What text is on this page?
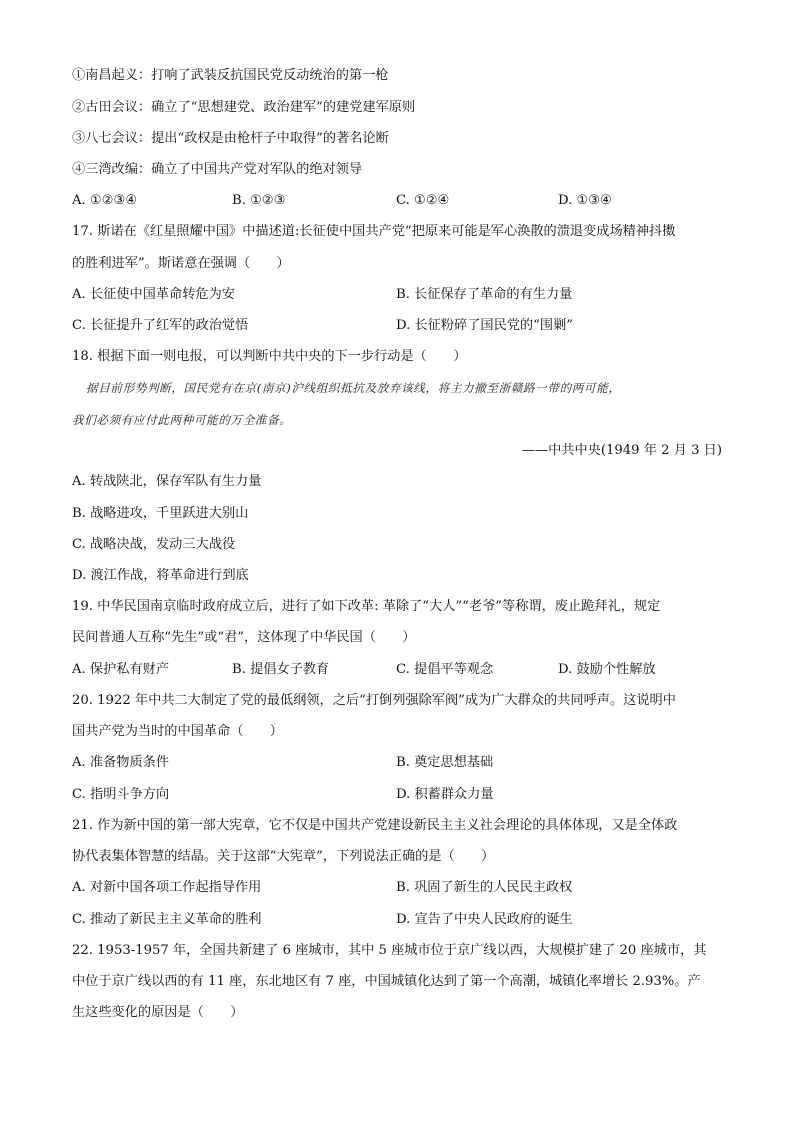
①南昌起义：打响了武装反抗国民党反动统治的第一枪
②古田会议：确立了“思想建党、政治建军”的建党建军原则
③八七会议：提出“政权是由枪杆子中取得”的著名论断
④三湾改编：确立了中国共产党对军队的绝对领导
A. ①②③④	B. ①②③	C. ①②④	D. ①③④
17. 斯诺在《红星照耀中国》中描述道:长征使中国共产党“把原来可能是军心涣散的溃退变成场精神抖擞
的胜利进军”。斯诺意在强调（　　）
A. 长征使中国革命转危为安	B. 长征保存了革命的有生力量
C. 长征提升了红军的政治觉悟	D. 长征粉碎了国民党的“围剿”
18. 根据下面一则电报，可以判断中共中央的下一步行动是（　　）
据目前形势判断，国民党有在京(南京)沪线组织抵抗及放弃该线，将主力撤至浙赣路一带的两可能，
我们必须有应付此两种可能的万全准备。
——中共中央(1949 年 2 月 3 日)
A. 转战陕北，保存军队有生力量
B. 战略进攻，千里跃进大别山
C. 战略决战，发动三大战役
D. 渡江作战，将革命进行到底
19. 中华民国南京临时政府成立后，进行了如下改革: 革除了“大人”“老爷”等称谓，废止跪拜礼，规定
民间普通人互称“先生”或“君”，这体现了中华民国（　　）
A. 保护私有财产	B. 提倡女子教育	C. 提倡平等观念	D. 鼓励个性解放
20. 1922 年中共二大制定了党的最低纲领，之后“打倒列强除军阀”成为广大群众的共同呼声。这说明中
国共产党为当时的中国革命（　　）
A. 准备物质条件	B. 奠定思想基础
C. 指明斗争方向	D. 积蓄群众力量
21. 作为新中国的第一部大宪章，它不仅是中国共产党建设新民主主义社会理论的具体体现，又是全体政
协代表集体智慧的结晶。关于这部“大宪章”，下列说法正确的是（　　）
A. 对新中国各项工作起指导作用	B. 巩固了新生的人民民主政权
C. 推动了新民主主义革命的胜利	D. 宣告了中央人民政府的诞生
22. 1953-1957 年，全国共新建了 6 座城市，其中 5 座城市位于京广线以西，大规模扩建了 20 座城市，其
中位于京广线以西的有 11 座，东北地区有 7 座，中国城镇化达到了第一个高潮，城镇化率增长 2.93%。产
生这些变化的原因是（　　）
